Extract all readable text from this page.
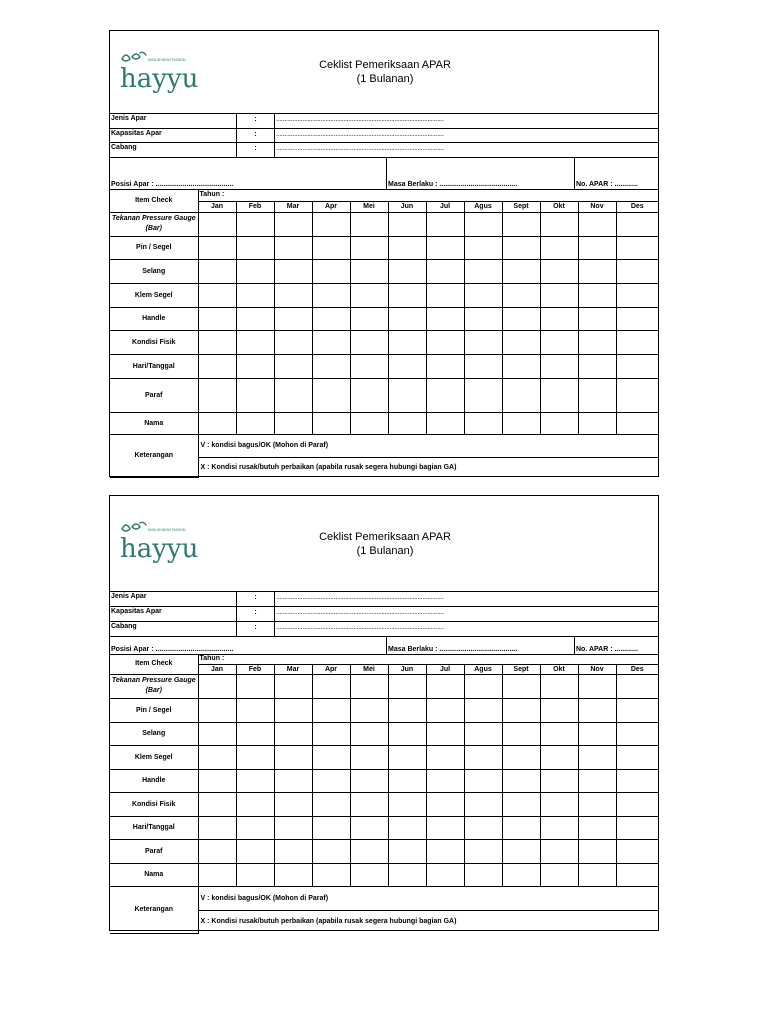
hayyu
MUSLIM WEAR FASHION	Ceklist Pemeriksaan APAR
(1 Bulanan)
Jenis Apar	:	......................................................................................................
Kapasitas Apar	:	......................................................................................................
Cabang	:	......................................................................................................
Posisi Apar : ........................................	Masa Berlaku : ........................................	No. APAR : ............
Item Check	Tahun :											
	Jan	Feb	Mar	Apr	Mei	Jun	Jul	Agus	Sept	Okt	Nov	Des
Tekanan Pressure Gauge (Bar)												
Pin / Segel												
Selang												
Klem Segel												
Handle												
Kondisi Fisik												
Hari/Tanggal												
Paraf												
Nama												
Keterangan	V : kondisi bagus/OK (Mohon di Paraf)											
	X : Kondisi rusak/butuh perbaikan (apabila rusak segera hubungi bagian GA)											
hayyu
MUSLIM WEAR FASHION
Ceklist Pemeriksaan APAR
(1 Bulanan)
Jenis Apar	:	......................................................................................................
Kapasitas Apar	:	......................................................................................................
Cabang	:	......................................................................................................
Posisi Apar : ........................................	Masa Berlaku : ........................................	No. APAR : ............
Item Check	Tahun :											
	Jan	Feb	Mar	Apr	Mei	Jun	Jul	Agus	Sept	Okt	Nov	Des
Tekanan Pressure Gauge (Bar)												
Pin / Segel												
Selang												
Klem Segel												
Handle												
Kondisi Fisik												
Hari/Tanggal												
Paraf												
Nama												
Keterangan	V : kondisi bagus/OK (Mohon di Paraf)											
	X : Kondisi rusak/butuh perbaikan (apabila rusak segera hubungi bagian GA)											
